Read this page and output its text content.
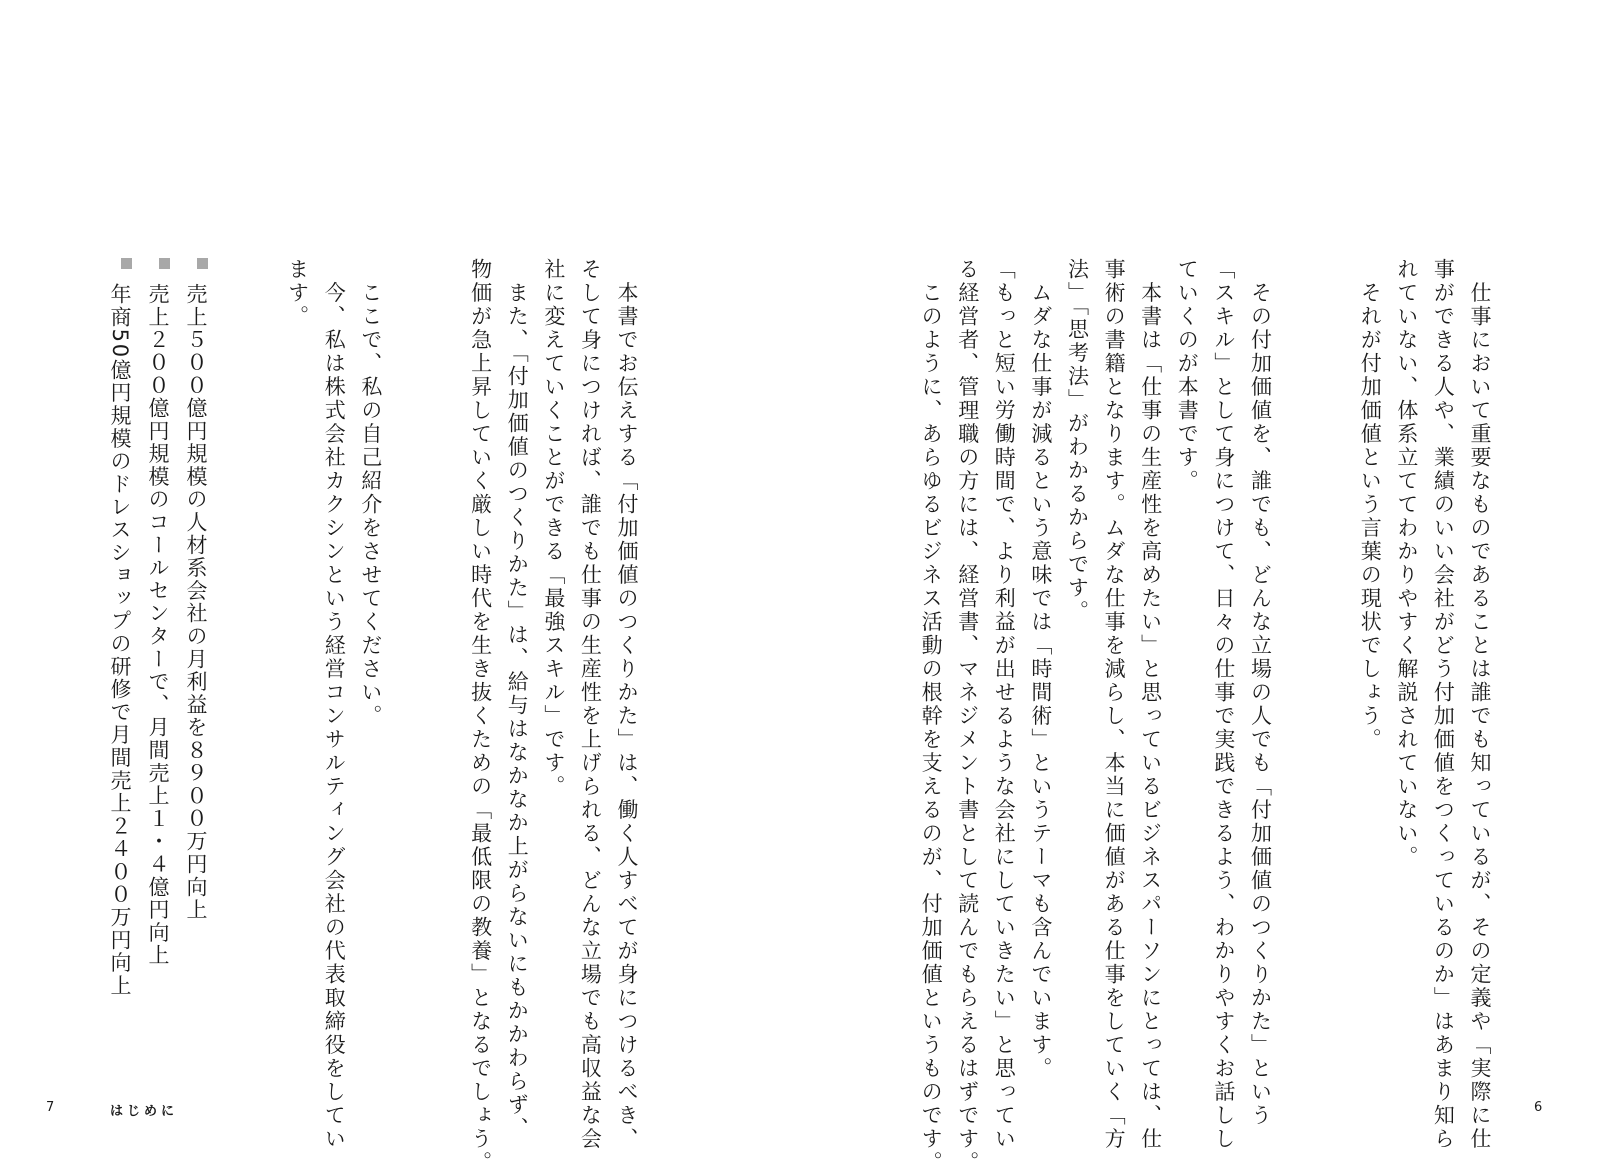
　仕事において重要なものであることは誰でも知っているが、その定義や「実際に仕
事ができる人や、業績のいい会社がどう付加価値をつくっているのか」はあまり知ら
れていない、体系立ててわかりやすく解説されていない。
　それが付加価値という言葉の現状でしょう。

　その付加価値を、誰でも、どんな立場の人でも「付加価値のつくりかた」という
「スキル」として身につけて、日々の仕事で実践できるよう、わかりやすくお話しし
ていくのが本書です。
　本書は「仕事の生産性を高めたい」と思っているビジネスパーソンにとっては、仕
事術の書籍となります。ムダな仕事を減らし、本当に価値がある仕事をしていく「方
法」「思考法」がわかるからです。
　ムダな仕事が減るという意味では「時間術」というテーマも含んでいます。
「もっと短い労働時間で、より利益が出せるような会社にしていきたい」と思ってい
る経営者、管理職の方には、経営書、マネジメント書として読んでもらえるはずです。
　このように、あらゆるビジネス活動の根幹を支えるのが、付加価値というものです。
　本書でお伝えする「付加価値のつくりかた」は、働く人すべてが身につけるべき、
そして身につければ、誰でも仕事の生産性を上げられる、どんな立場でも高収益な会
社に変えていくことができる「最強スキル」です。
　また、「付加価値のつくりかた」は、給与はなかなか上がらないにもかかわらず、
物価が急上昇していく厳しい時代を生き抜くための「最低限の教養」となるでしょう。

　ここで、私の自己紹介をさせてください。
　今、私は株式会社カクシンという経営コンサルティング会社の代表取締役をしてい
ます。
売上５００億円規模の人材系会社の月利益を８９００万円向上
売上２００億円規模のコールセンターで、月間売上１・４億円向上
年商50億円規模のドレスショップの研修で月間売上２４００万円向上
7	はじめに	6
